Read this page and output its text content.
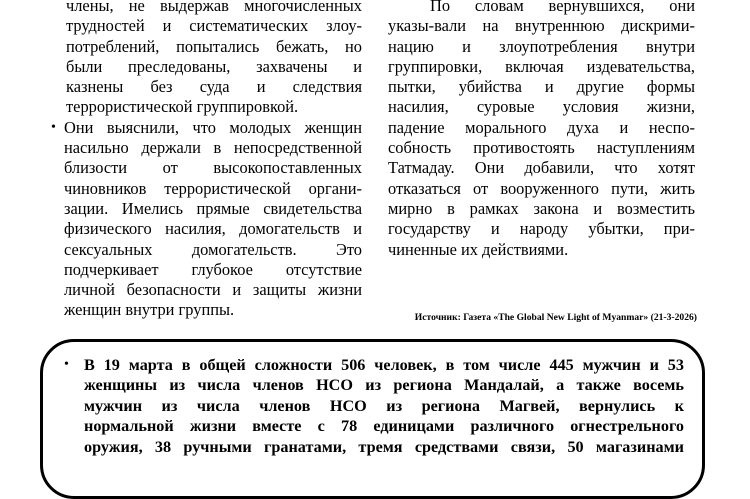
члены, не выдержав многочисленных
трудностей и систематических злоу-
потреблений, попытались бежать, но
были преследованы, захвачены и
казнены без суда и следствия
террористической группировкой.
• Они выяснили, что молодых женщин
насильно держали в непосредственной
близости от высокопоставленных
чиновников террористической органи-
зации. Имелись прямые свидетельства
физического насилия, домогательств и
сексуальных домогательств. Это
подчеркивает глубокое отсутствие
личной безопасности и защиты жизни
женщин внутри группы.
По словам вернувшихся, они
указы-вали на внутреннюю дискрими-
нацию и злоупотребления внутри
группировки, включая издевательства,
пытки, убийства и другие формы
насилия, суровые условия жизни,
падение морального духа и неспо-
собность противостоять наступлениям
Татмадау. Они добавили, что хотят
отказаться от вооруженного пути, жить
мирно в рамках закона и возместить
государству и народу убытки, при-
чиненные их действиями.
Источник: Газета «The Global New Light of Myanmar» (21-3-2026)
• В 19 марта в общей сложности 506 человек, в том числе 445 мужчин и 53
женщины из числа членов НСО из региона Мандалай, а также восемь
мужчин из числа членов НСО из региона Магвей, вернулись к
нормальной жизни вместе с 78 единицами различного огнестрельного
оружия, 38 ручными гранатами, тремя средствами связи, 50 магазинами
